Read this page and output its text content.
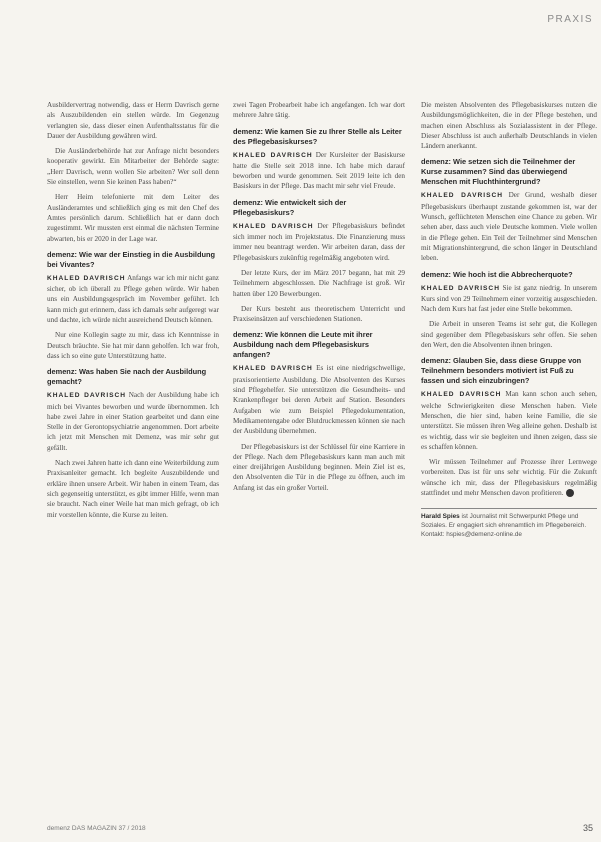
PRAXIS

Ausbildervertrag notwendig, dass er Herrn Davrisch gerne als Auszubildenden ein stellen würde. Im Gegenzug verlangten sie, dass dieser einen Aufenthaltsstatus für die Dauer der Ausbildung gewähren wird.

Die Ausländerbehörde hat zur Anfrage nicht besonders kooperativ gewirkt. Ein Mitarbeiter der Behörde sagte: „Herr Davrisch, wenn wollen Sie arbeiten? Wer soll denn Sie einstellen, wenn Sie keinen Pass haben?“

Herr Heim telefonierte mit dem Leiter des Ausländeramtes und schließlich ging es mit den Chef des Amtes persönlich darum. Schließlich hat er dann doch zugestimmt. Wir mussten erst einmal die nächsten Termine abwarten, bis er 2020 in der Lage war.

demenz: Wie war der Einstieg in die Ausbildung bei Vivantes?

KHALED DAVRISCH Anfangs war ich mir nicht ganz sicher, ob ich überall zu Pflege gehen würde. Wir haben uns ein Ausbildungsgespräch im November geführt. Ich kann mich gut erinnern, dass ich damals sehr aufgeregt war und dachte, ich würde nicht ausreichend Deutsch können.

Nur eine Kollegin sagte zu mir, dass ich Kenntnisse in Deutsch bräuchte. Sie hat mir dann geholfen. Ich war froh, dass ich so eine gute Unterstützung hatte.

demenz: Was haben Sie nach der Ausbildung gemacht?

KHALED DAVRISCH Nach der Ausbildung habe ich mich bei Vivantes beworben und wurde übernommen. Ich habe zwei Jahre in einer Station gearbeitet und dann eine Stelle in der Gerontopsychiatrie angenommen. Dort arbeite ich jetzt mit Menschen mit Demenz, was mir sehr gut gefällt.

Nach zwei Jahren hatte ich dann eine Weiterbildung zum Praxisanleiter gemacht. Ich begleite Auszubildende und erkläre ihnen unsere Arbeit. Wir haben in einem Team, das sich gegenseitig unterstützt, es gibt immer Hilfe, wenn man sie braucht. Nach einer Weile hat man mich gefragt, ob ich mir vorstellen könnte, die Kurse zu leiten.

zwei Tagen Probearbeit habe ich angefangen. Ich war dort mehrere Jahre tätig.

demenz: Wie kamen Sie zu Ihrer Stelle als Leiter des Pflegebasiskurses?

KHALED DAVRISCH Der Kursleiter der Basiskurse hatte die Stelle seit 2018 inne. Ich habe mich darauf beworben und wurde genommen. Seit 2019 leite ich den Basiskurs in der Pflege. Das macht mir sehr viel Freude.

demenz: Wie entwickelt sich der Pflegebasiskurs?

KHALED DAVRISCH Der Pflegebasiskurs befindet sich immer noch im Projektstatus. Die Finanzierung muss immer neu beantragt werden. Wir arbeiten daran, dass der Pflegebasiskurs zukünftig regelmäßig angeboten wird.

Der letzte Kurs, der im März 2017 begann, hat mit 29 Teilnehmern abgeschlossen. Die Nachfrage ist groß. Wir hatten über 120 Bewerbungen.

Der Kurs besteht aus theoretischem Unterricht und Praxiseinsätzen auf verschiedenen Stationen.

demenz: Wie können die Leute mit ihrer Ausbildung nach dem Pflegebasiskurs anfangen?

KHALED DAVRISCH Es ist eine niedrigschwellige, praxisorientierte Ausbildung. Die Absolventen des Kurses sind Pflegehelfer. Sie unterstützen die Gesundheits- und Krankenpfleger bei deren Arbeit auf Station. Besonders Aufgaben wie zum Beispiel Pflegedokumentation, Medikamentengabe oder Blutdruckmessen können sie nach der Ausbildung übernehmen.

Der Pflegebasiskurs ist der Schlüssel für eine Karriere in der Pflege. Nach dem Pflegebasiskurs kann man auch mit einer dreijährigen Ausbildung beginnen. Mein Ziel ist es, den Absolventen die Tür in die Pflege zu öffnen, auch im Anfang ist das ein großer Vorteil.

Die meisten Absolventen des Pflegebasiskurses nutzen die Ausbildungsmöglichkeiten, die in der Pflege bestehen, und machen einen Abschluss als Sozialassistent in der Pflege. Dieser Abschluss ist auch außerhalb Deutschlands in vielen Ländern anerkannt.

demenz: Wie setzen sich die Teilnehmer der Kurse zusammen? Sind das überwiegend Menschen mit Fluchthintergrund?

KHALED DAVRISCH Der Grund, weshalb dieser Pflegebasiskurs überhaupt zustande gekommen ist, war der Wunsch, geflüchteten Menschen eine Chance zu geben. Wir sehen aber, dass auch viele Deutsche kommen. Viele wollen in die Pflege gehen. Ein Teil der Teilnehmer sind Menschen mit Migrationshintergrund, die schon länger in Deutschland leben.

demenz: Wie hoch ist die Abbrecherquote?

KHALED DAVRISCH Sie ist ganz niedrig. In unserem Kurs sind von 29 Teilnehmern einer vorzeitig ausgeschieden. Nach dem Kurs hat fast jeder eine Stelle bekommen.

Die Arbeit in unseren Teams ist sehr gut, die Kollegen sind gegenüber dem Pflegebasiskurs sehr offen. Sie sehen den Wert, den die Absolventen ihnen bringen.

demenz: Glauben Sie, dass diese Gruppe von Teilnehmern besonders motiviert ist Fuß zu fassen und sich einzubringen?

KHALED DAVRISCH Man kann schon auch sehen, welche Schwierigkeiten diese Menschen haben. Viele Menschen, die hier sind, haben keine Familie, die sie unterstützt. Sie müssen ihren Weg alleine gehen. Deshalb ist es wichtig, dass wir sie begleiten und ihnen zeigen, dass sie es schaffen können.

Wir müssen Teilnehmer auf Prozesse ihrer Lernwege vorbereiten. Das ist für uns sehr wichtig. Für die Zukunft wünsche ich mir, dass der Pflegebasiskurs regelmäßig stattfindet und mehr Menschen davon profitieren. ●

Harald Spies ist Journalist mit Schwerpunkt Pflege und Soziales. Er engagiert sich ehrenamtlich im Pflegebereich. Kontakt: hspies@demenz-online.de
demenz DAS MAGAZIN 37 / 2018	35
